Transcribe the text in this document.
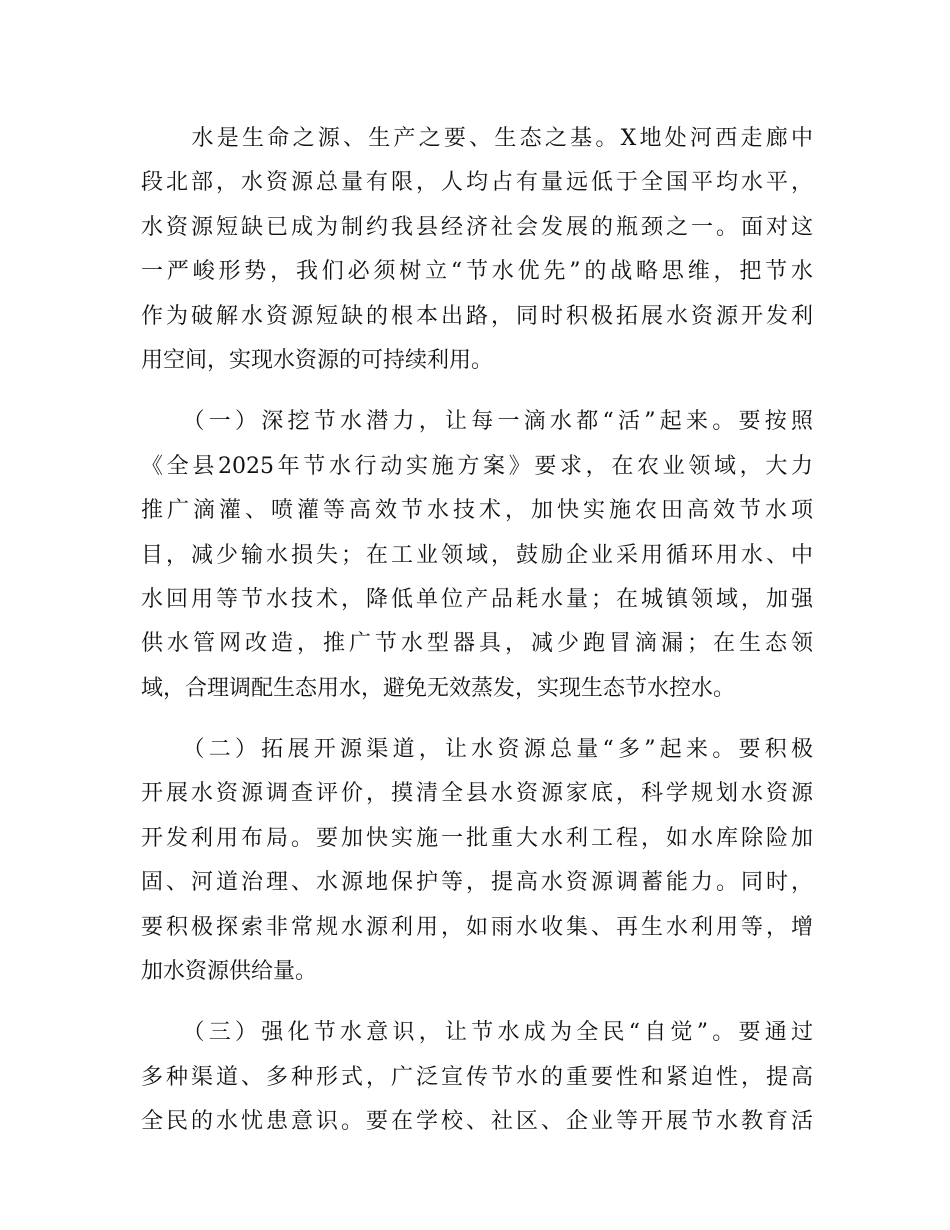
　　水是生命之源、生产之要、生态之基。X地处河西走廊中
段北部，水资源总量有限，人均占有量远低于全国平均水平，
水资源短缺已成为制约我县经济社会发展的瓶颈之一。面对这
一严峻形势，我们必须树立“节水优先”的战略思维，把节水
作为破解水资源短缺的根本出路，同时积极拓展水资源开发利
用空间，实现水资源的可持续利用。

　　（一）深挖节水潜力，让每一滴水都“活”起来。要按照
《全县2025年节水行动实施方案》要求，在农业领域，大力
推广滴灌、喷灌等高效节水技术，加快实施农田高效节水项
目，减少输水损失；在工业领域，鼓励企业采用循环用水、中
水回用等节水技术，降低单位产品耗水量；在城镇领域，加强
供水管网改造，推广节水型器具，减少跑冒滴漏；在生态领
域，合理调配生态用水，避免无效蒸发，实现生态节水控水。

　　（二）拓展开源渠道，让水资源总量“多”起来。要积极
开展水资源调查评价，摸清全县水资源家底，科学规划水资源
开发利用布局。要加快实施一批重大水利工程，如水库除险加
固、河道治理、水源地保护等，提高水资源调蓄能力。同时，
要积极探索非常规水源利用，如雨水收集、再生水利用等，增
加水资源供给量。

　　（三）强化节水意识，让节水成为全民“自觉”。要通过
多种渠道、多种形式，广泛宣传节水的重要性和紧迫性，提高
全民的水忧患意识。要在学校、社区、企业等开展节水教育活
